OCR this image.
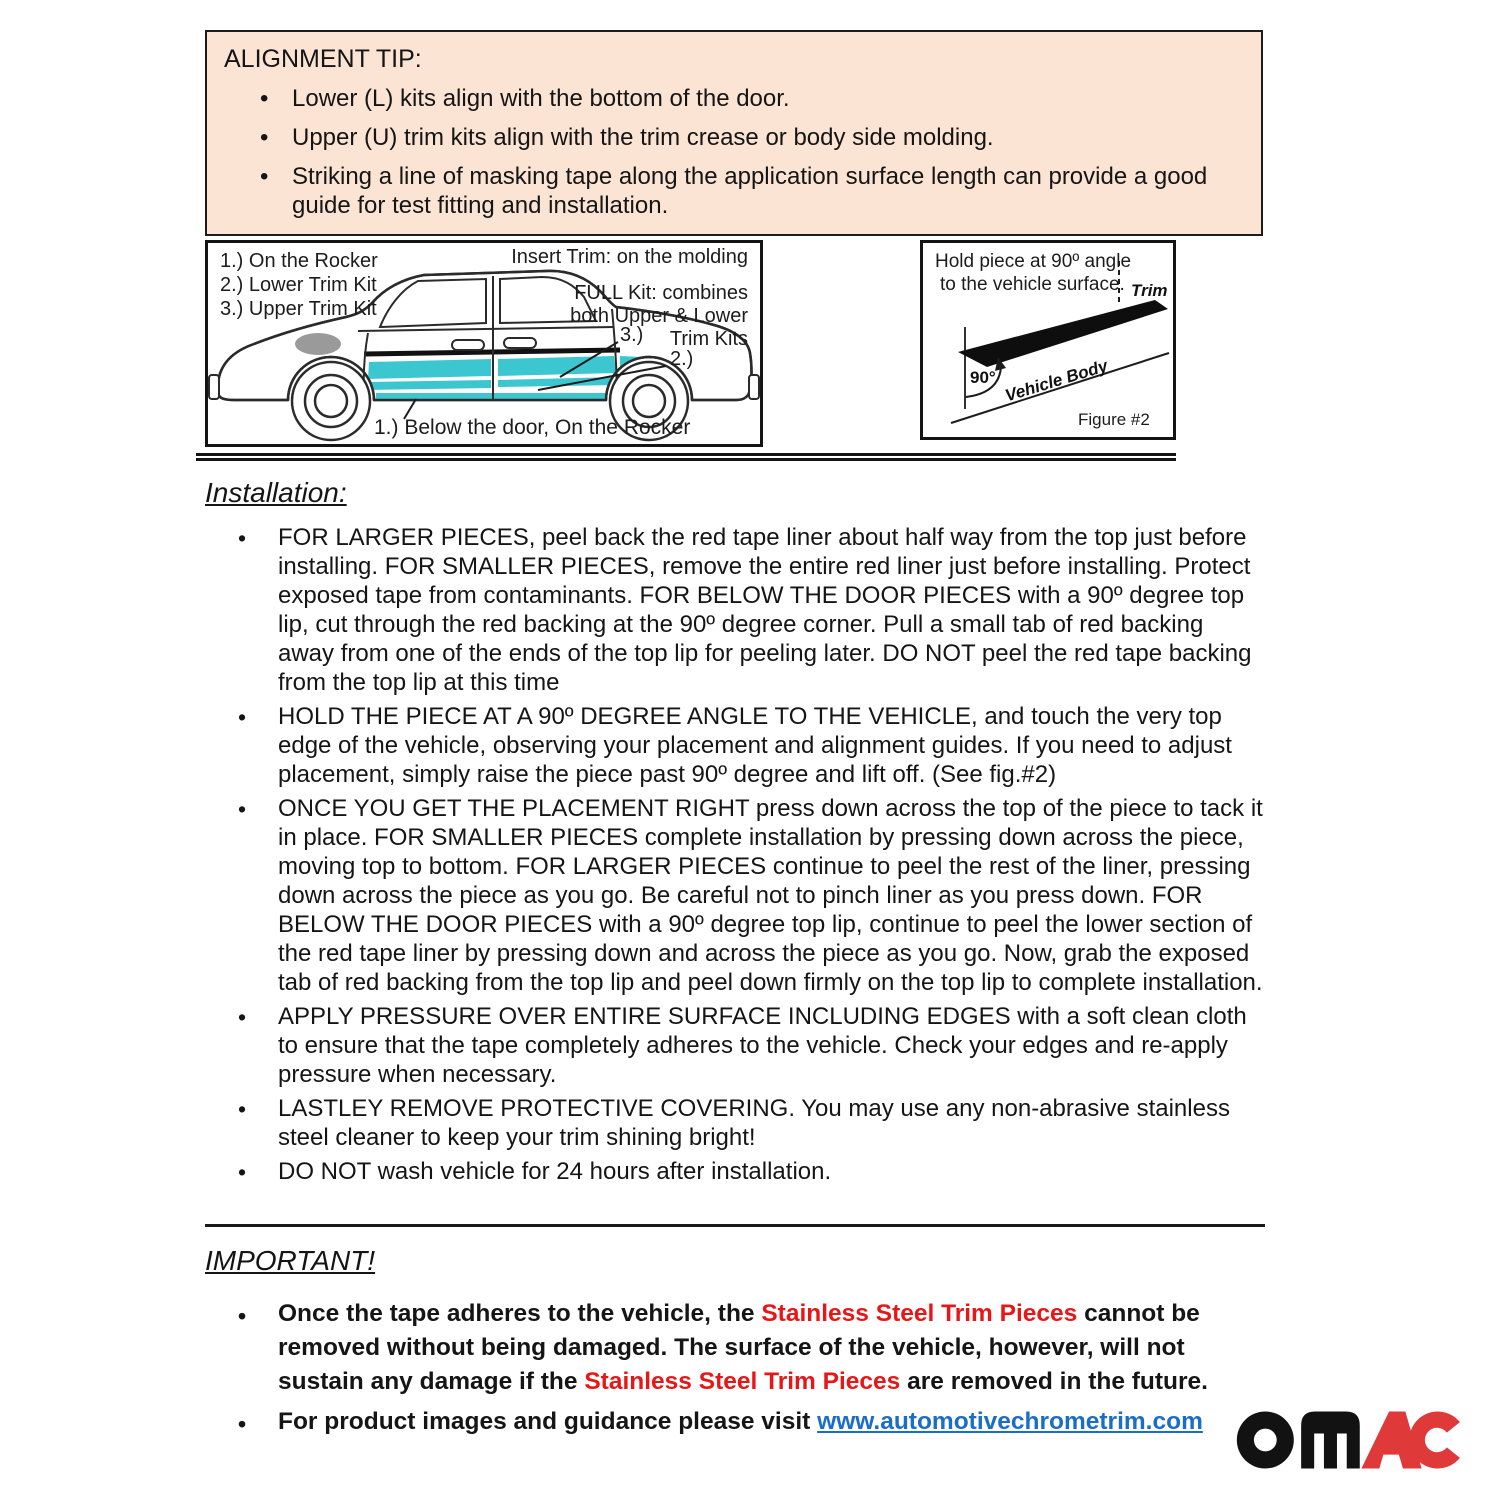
ALIGNMENT TIP:
• Lower (L) kits align with the bottom of the door.
• Upper (U) trim kits align with the trim crease or body side molding.
• Striking a line of masking tape along the application surface length can provide a good guide for test fitting and installation.
1.) On the Rocker
2.) Lower Trim Kit
3.) Upper Trim Kit
Insert Trim: on the molding
FULL Kit: combines
both Upper & Lower
Trim Kits
3.)
2.)
1.) Below the door, On the Rocker
Hold piece at 90º angle
to the vehicle surface. Trim
90° Vehicle Body
Figure #2
Installation:
• FOR LARGER PIECES, peel back the red tape liner about half way from the top just before installing. FOR SMALLER PIECES, remove the entire red liner just before installing. Protect exposed tape from contaminants. FOR BELOW THE DOOR PIECES with a 90º degree top lip, cut through the red backing at the 90º degree corner. Pull a small tab of red backing away from one of the ends of the top lip for peeling later. DO NOT peel the red tape backing from the top lip at this time
• HOLD THE PIECE AT A 90º DEGREE ANGLE TO THE VEHICLE, and touch the very top edge of the vehicle, observing your placement and alignment guides. If you need to adjust placement, simply raise the piece past 90º degree and lift off. (See fig.#2)
• ONCE YOU GET THE PLACEMENT RIGHT press down across the top of the piece to tack it in place. FOR SMALLER PIECES complete installation by pressing down across the piece, moving top to bottom. FOR LARGER PIECES continue to peel the rest of the liner, pressing down across the piece as you go. Be careful not to pinch liner as you press down. FOR BELOW THE DOOR PIECES with a 90º degree top lip, continue to peel the lower section of the red tape liner by pressing down and across the piece as you go. Now, grab the exposed tab of red backing from the top lip and peel down firmly on the top lip to complete installation.
• APPLY PRESSURE OVER ENTIRE SURFACE INCLUDING EDGES with a soft clean cloth to ensure that the tape completely adheres to the vehicle. Check your edges and re-apply pressure when necessary.
• LASTLEY REMOVE PROTECTIVE COVERING. You may use any non-abrasive stainless steel cleaner to keep your trim shining bright!
• DO NOT wash vehicle for 24 hours after installation.
IMPORTANT!
• Once the tape adheres to the vehicle, the Stainless Steel Trim Pieces cannot be removed without being damaged. The surface of the vehicle, however, will not sustain any damage if the Stainless Steel Trim Pieces are removed in the future.
• For product images and guidance please visit www.automotivechrometrim.com
